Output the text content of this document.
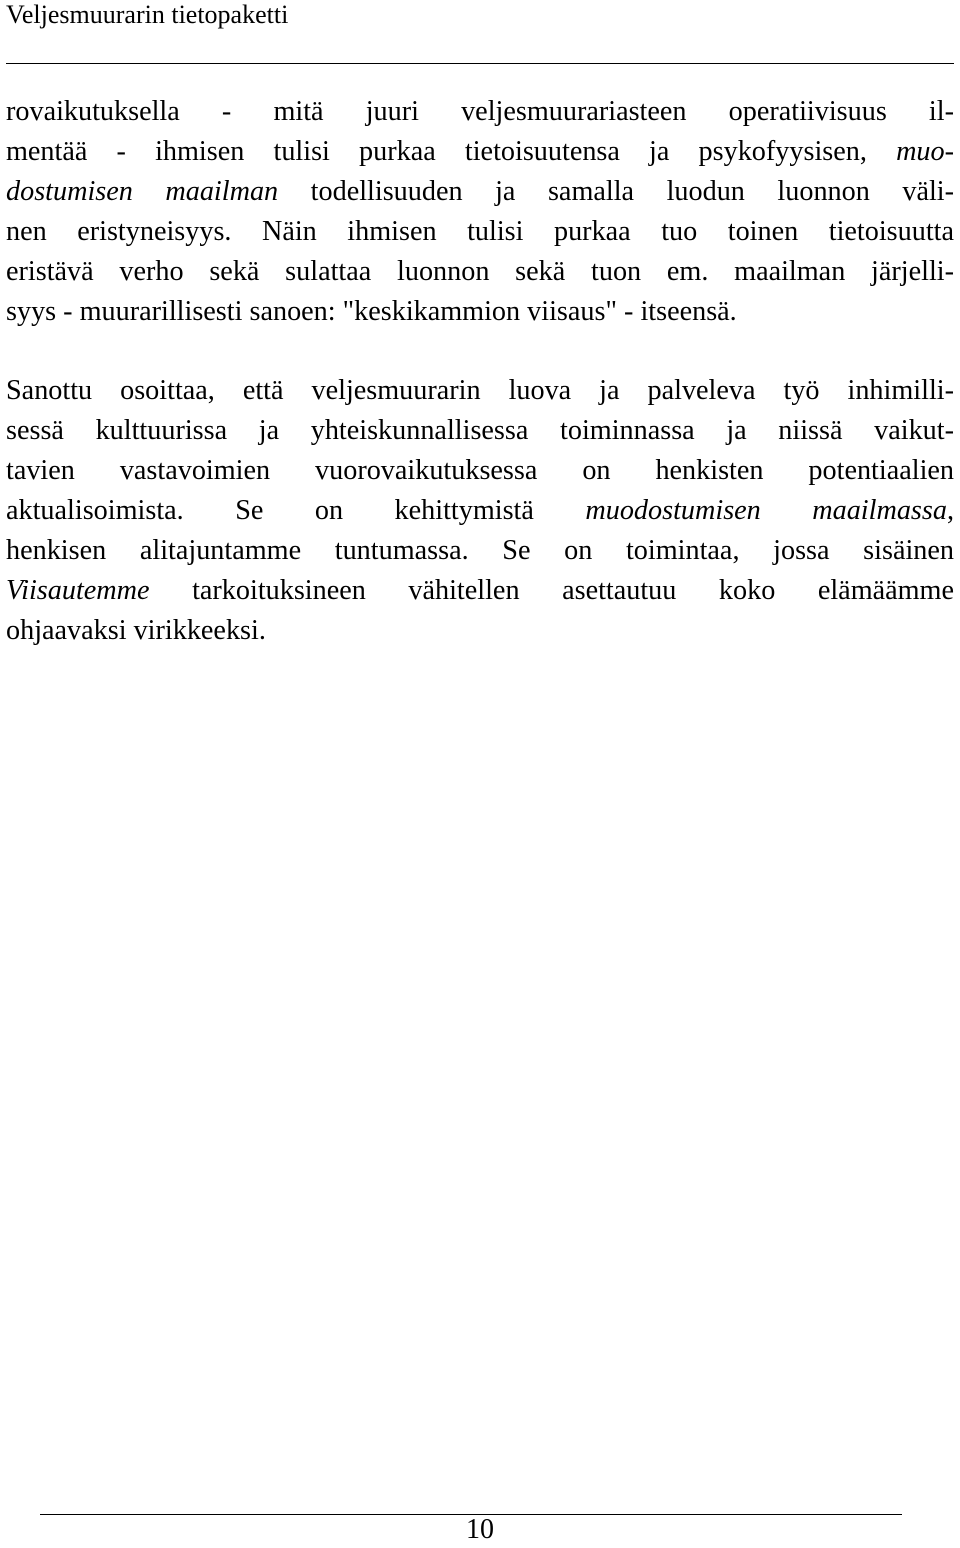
Veljesmuurarin tietopaketti

rovaikutuksella - mitä juuri veljesmuurariasteen operatiivisuus il-
mentää - ihmisen tulisi purkaa tietoisuutensa ja psykofyysisen, muo-
dostumisen maailman todellisuuden ja samalla luodun luonnon väli-
nen eristyneisyys. Näin ihmisen tulisi purkaa tuo toinen tietoisuutta
eristävä verho sekä sulattaa luonnon sekä tuon em. maailman järjelli-
syys - muurarillisesti sanoen: "keskikammion viisaus" - itseensä.

Sanottu osoittaa, että veljesmuurarin luova ja palveleva työ inhimilli-
sessä kulttuurissa ja yhteiskunnallisessa toiminnassa ja niissä vaikut-
tavien vastavoimien vuorovaikutuksessa on henkisten potentiaalien
aktualisoimista. Se on kehittymistä muodostumisen maailmassa,
henkisen alitajuntamme tuntumassa. Se on toimintaa, jossa sisäinen
Viisautemme tarkoituksineen vähitellen asettautuu koko elämäämme
ohjaavaksi virikkeeksi.

10
